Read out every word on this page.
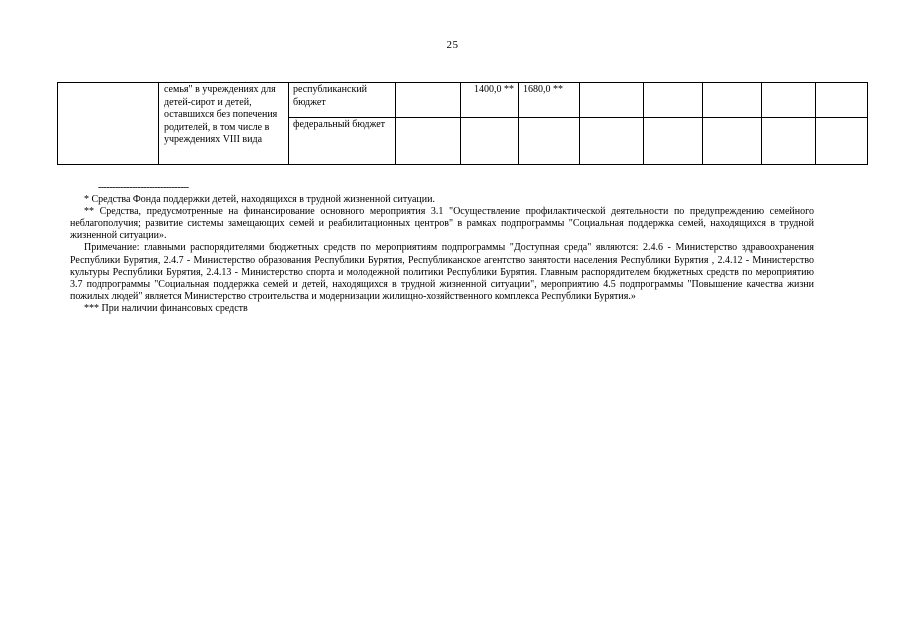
25
	семья" в учреждениях для детей-сирот и детей, оставшихся без попечения родителей, в том числе в учреждениях VIII вида	республиканский бюджет		1400,0 **	1680,0 **					
		федеральный бюджет								

--------------------------------

* Средства Фонда поддержки детей, находящихся в трудной жизненной ситуации.

** Средства, предусмотренные на финансирование основного мероприятия 3.1 "Осуществление профилактической деятельности по предупреждению семейного неблагополучия; развитие системы замещающих семей и реабилитационных центров" в рамках подпрограммы "Социальная поддержка семей, находящихся в трудной жизненной ситуации».

Примечание: главными распорядителями бюджетных средств по мероприятиям подпрограммы "Доступная среда" являются: 2.4.6 - Министерство здравоохранения Республики Бурятия, 2.4.7 - Министерство образования Республики Бурятия, Республиканское агентство занятости населения Республики Бурятия , 2.4.12 - Министерство культуры Республики Бурятия, 2.4.13 - Министерство спорта и молодежной политики Республики Бурятия. Главным распорядителем бюджетных средств по мероприятию 3.7 подпрограммы "Социальная поддержка семей и детей, находящихся в трудной жизненной ситуации", мероприятию 4.5 подпрограммы "Повышение качества жизни пожилых людей" является Министерство строительства и модернизации жилищно-хозяйственного комплекса Республики Бурятия.»

*** При наличии финансовых средств
